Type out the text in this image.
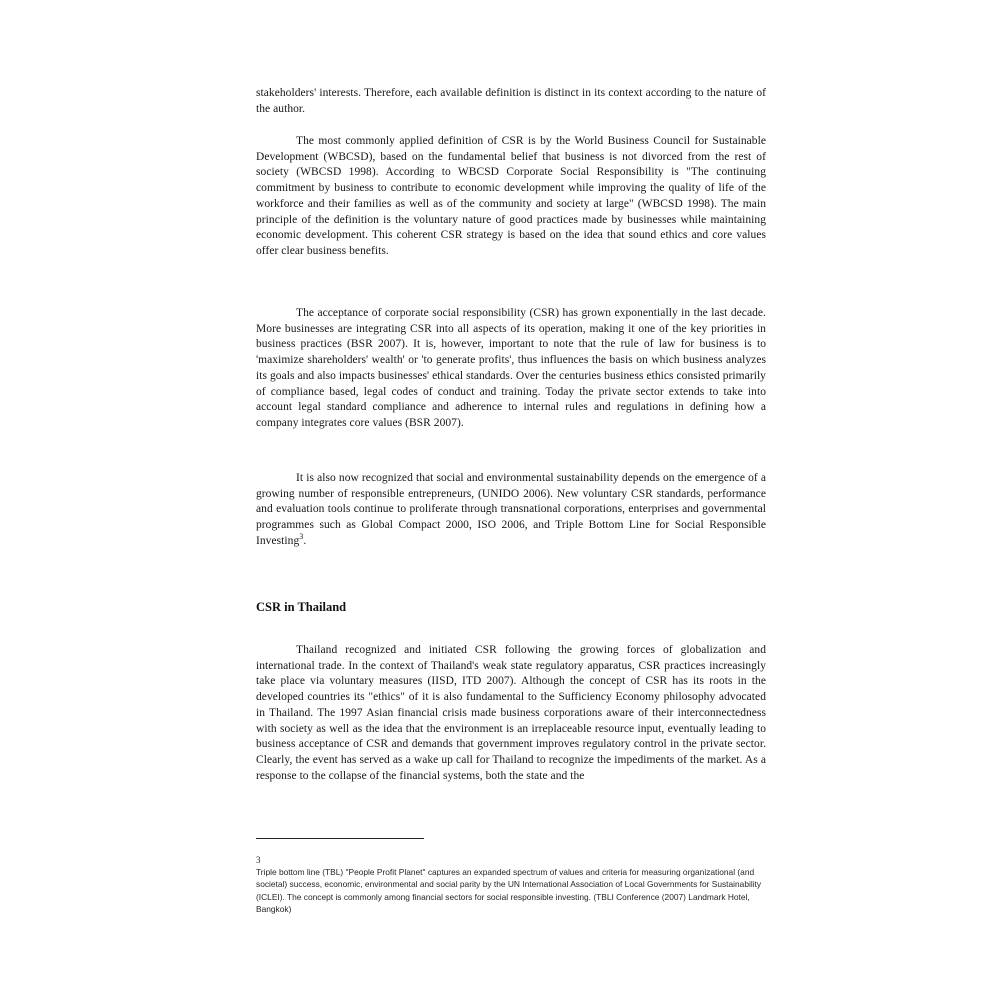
stakeholders' interests. Therefore, each available definition is distinct in its context according to the nature of the author.

The most commonly applied definition of CSR is by the World Business Council for Sustainable Development (WBCSD), based on the fundamental belief that business is not divorced from the rest of society (WBCSD 1998). According to WBCSD Corporate Social Responsibility is "The continuing commitment by business to contribute to economic development while improving the quality of life of the workforce and their families as well as of the community and society at large" (WBCSD 1998). The main principle of the definition is the voluntary nature of good practices made by businesses while maintaining economic development. This coherent CSR strategy is based on the idea that sound ethics and core values offer clear business benefits.

The acceptance of corporate social responsibility (CSR) has grown exponentially in the last decade. More businesses are integrating CSR into all aspects of its operation, making it one of the key priorities in business practices (BSR 2007). It is, however, important to note that the rule of law for business is to 'maximize shareholders' wealth' or 'to generate profits', thus influences the basis on which business analyzes its goals and also impacts businesses' ethical standards. Over the centuries business ethics consisted primarily of compliance based, legal codes of conduct and training. Today the private sector extends to take into account legal standard compliance and adherence to internal rules and regulations in defining how a company integrates core values (BSR 2007).

It is also now recognized that social and environmental sustainability depends on the emergence of a growing number of responsible entrepreneurs, (UNIDO 2006). New voluntary CSR standards, performance and evaluation tools continue to proliferate through transnational corporations, enterprises and governmental programmes such as Global Compact 2000, ISO 2006, and Triple Bottom Line for Social Responsible Investing$^3$.

CSR in Thailand

Thailand recognized and initiated CSR following the growing forces of globalization and international trade. In the context of Thailand's weak state regulatory apparatus, CSR practices increasingly take place via voluntary measures (IISD, ITD 2007). Although the concept of CSR has its roots in the developed countries its "ethics" of it is also fundamental to the Sufficiency Economy philosophy advocated in Thailand. The 1997 Asian financial crisis made business corporations aware of their interconnectedness with society as well as the idea that the environment is an irreplaceable resource input, eventually leading to business acceptance of CSR and demands that government improves regulatory control in the private sector. Clearly, the event has served as a wake up call for Thailand to recognize the impediments of the market. As a response to the collapse of the financial systems, both the state and the

3

Triple bottom line (TBL) "People Profit Planet" captures an expanded spectrum of values and criteria for measuring organizational (and societal) success, economic, environmental and social parity by the UN International Association of Local Governments for Sustainability (ICLEI). The concept is commonly among financial sectors for social responsible investing. (TBLI Conference (2007) Landmark Hotel, Bangkok)
